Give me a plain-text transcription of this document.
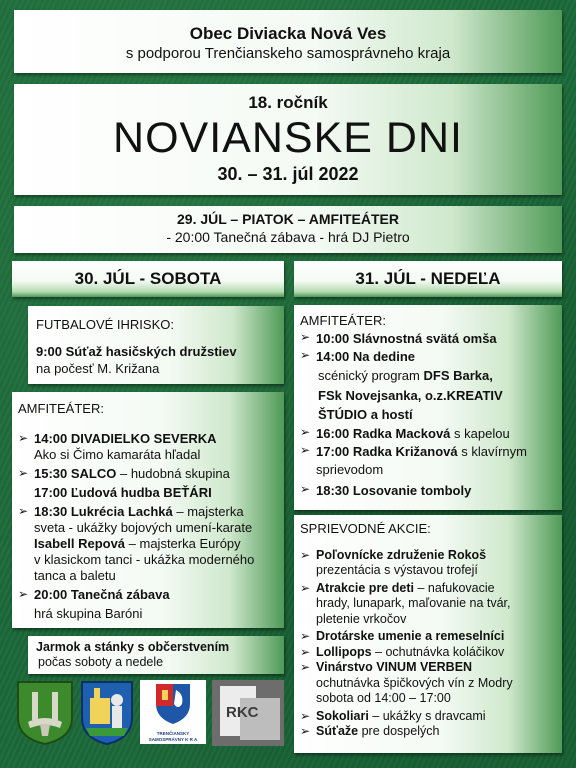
Obec Diviacka Nová Ves
s podporou Trenčianskeho samosprávneho kraja
18. ročník
NOVIANSKE DNI
30. – 31. júl 2022
29. JÚL – PIATOK – AMFITEÁTER
- 20:00 Tanečná zábava - hrá DJ Pietro
30. JÚL - SOBOTA	31. JÚL - NEDEĽA
FUTBALOVÉ IHRISKO:
9:00 Súťaž hasičských družstiev
na počesť M. Križana
AMFITEÁTER:
➢ 14:00 DIVADIELKO SEVERKA
Ako si Čimo kamaráta hľadal
➢ 15:30 SALCO – hudobná skupina
17:00 Ľudová hudba BEŤÁRI
➢ 18:30 Lukrécia Lachká – majsterka
sveta - ukážky bojových umení-karate
Isabell Repová – majsterka Európy
v klasickom tanci - ukážka moderného
tanca a baletu
➢ 20:00 Tanečná zábava
hrá skupina Baróni
Jarmok a stánky s občerstvením
počas soboty a nedele
AMFITEÁTER:
➢ 10:00 Slávnostná svätá omša
➢ 14:00 Na dedine
scénický program DFS Barka,
FSk Novejsanka, o.z.KREATIV
ŠTÚDIO a hostí
➢ 16:00 Radka Macková s kapelou
➢ 17:00 Radka Križanová s klavírnym
sprievodom
➢ 18:30 Losovanie tomboly
SPRIEVODNÉ AKCIE:
➢ Poľovnícke združenie Rokoš
prezentácia s výstavou trofejí
➢ Atrakcie pre deti – nafukovacie
hrady, lunapark, maľovanie na tvár,
pletenie vrkočov
➢ Drotárske umenie a remeselníci
➢ Lollipops – ochutnávka koláčikov
➢ Vinárstvo VINUM VERBEN
ochutnávka špičkových vín z Modry
sobota od 14:00 – 17:00
➢ Sokoliari – ukážky s dravcami
➢ Súťaže pre dospelých
TRENČIANSKY SAMOSPRÁVNY K R A J
RKC
